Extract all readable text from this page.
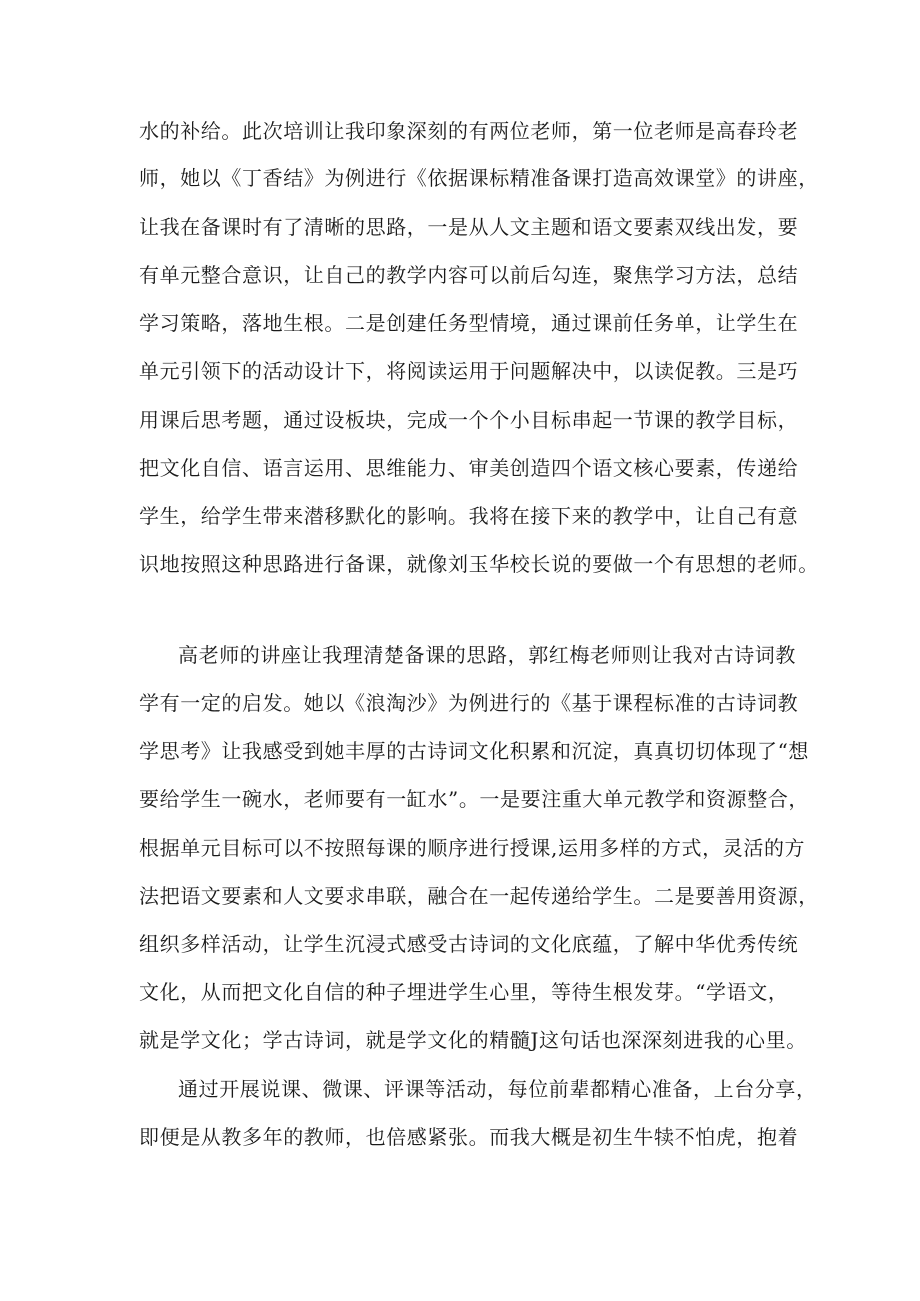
水的补给。此次培训让我印象深刻的有两位老师，第一位老师是高春玲老
师，她以《丁香结》为例进行《依据课标精准备课打造高效课堂》的讲座，
让我在备课时有了清晰的思路，一是从人文主题和语文要素双线出发，要
有单元整合意识，让自己的教学内容可以前后勾连，聚焦学习方法，总结
学习策略，落地生根。二是创建任务型情境，通过课前任务单，让学生在
单元引领下的活动设计下，将阅读运用于问题解决中，以读促教。三是巧
用课后思考题，通过设板块，完成一个个小目标串起一节课的教学目标，
把文化自信、语言运用、思维能力、审美创造四个语文核心要素，传递给
学生，给学生带来潜移默化的影响。我将在接下来的教学中，让自己有意
识地按照这种思路进行备课，就像刘玉华校长说的要做一个有思想的老师。
高老师的讲座让我理清楚备课的思路，郭红梅老师则让我对古诗词教
学有一定的启发。她以《浪淘沙》为例进行的《基于课程标准的古诗词教
学思考》让我感受到她丰厚的古诗词文化积累和沉淀，真真切切体现了“想
要给学生一碗水，老师要有一缸水”。一是要注重大单元教学和资源整合，
根据单元目标可以不按照每课的顺序进行授课,运用多样的方式，灵活的方
法把语文要素和人文要求串联，融合在一起传递给学生。二是要善用资源，
组织多样活动，让学生沉浸式感受古诗词的文化底蕴，了解中华优秀传统
文化，从而把文化自信的种子埋进学生心里，等待生根发芽。“学语文，
就是学文化；学古诗词，就是学文化的精髓J这句话也深深刻进我的心里。
通过开展说课、微课、评课等活动，每位前辈都精心准备，上台分享，
即便是从教多年的教师，也倍感紧张。而我大概是初生牛犊不怕虎，抱着
